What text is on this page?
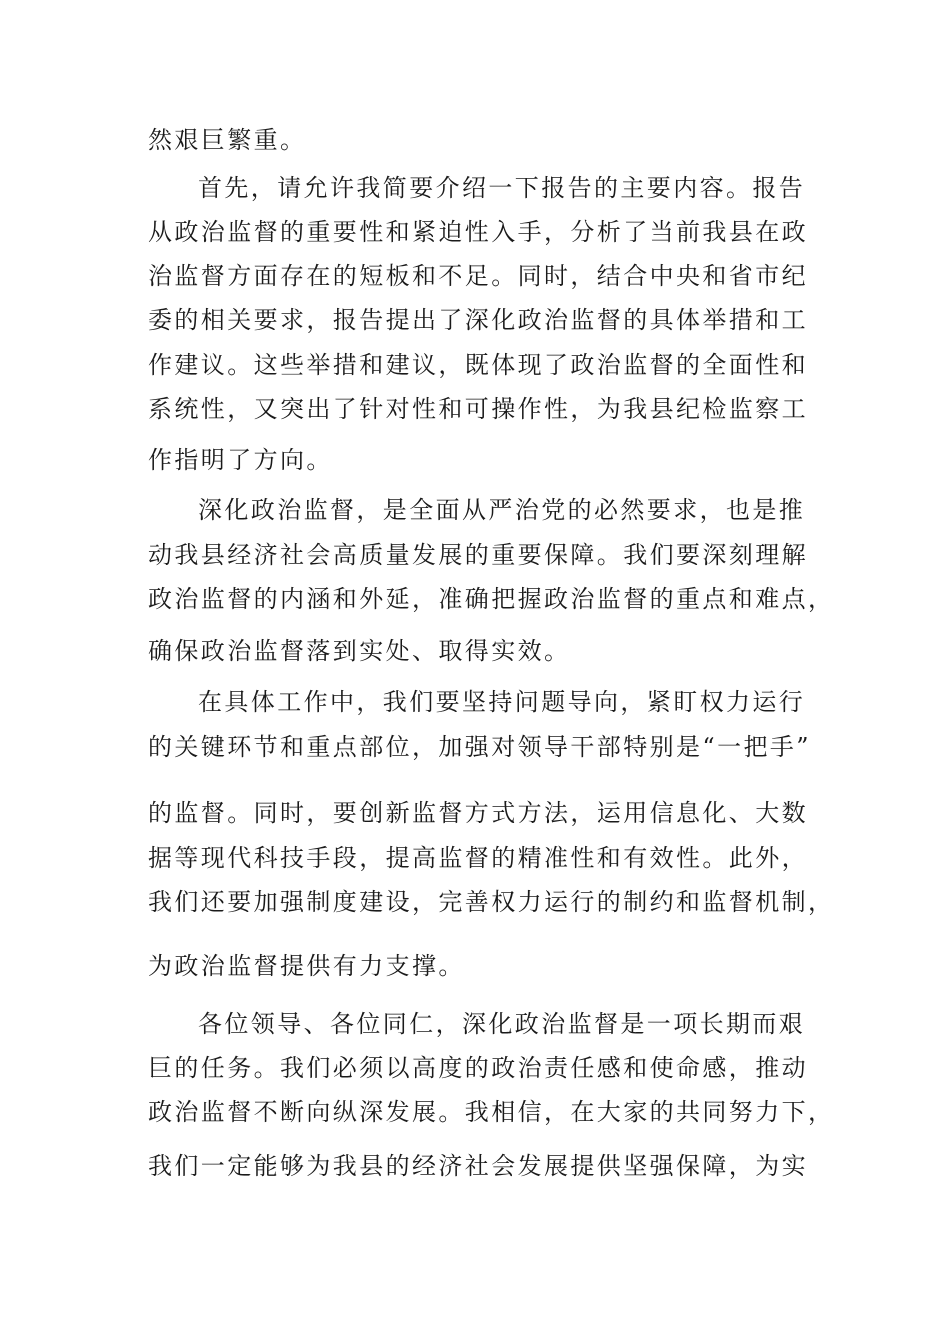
然艰巨繁重。
首先，请允许我简要介绍一下报告的主要内容。报告
从政治监督的重要性和紧迫性入手，分析了当前我县在政
治监督方面存在的短板和不足。同时，结合中央和省市纪
委的相关要求，报告提出了深化政治监督的具体举措和工
作建议。这些举措和建议，既体现了政治监督的全面性和
系统性，又突出了针对性和可操作性，为我县纪检监察工
作指明了方向。
深化政治监督，是全面从严治党的必然要求，也是推
动我县经济社会高质量发展的重要保障。我们要深刻理解
政治监督的内涵和外延，准确把握政治监督的重点和难点，
确保政治监督落到实处、取得实效。
在具体工作中，我们要坚持问题导向，紧盯权力运行
的关键环节和重点部位，加强对领导干部特别是“一把手”
的监督。同时，要创新监督方式方法，运用信息化、大数
据等现代科技手段，提高监督的精准性和有效性。此外，
我们还要加强制度建设，完善权力运行的制约和监督机制，
为政治监督提供有力支撑。
各位领导、各位同仁，深化政治监督是一项长期而艰
巨的任务。我们必须以高度的政治责任感和使命感，推动
政治监督不断向纵深发展。我相信，在大家的共同努力下，
我们一定能够为我县的经济社会发展提供坚强保障，为实
